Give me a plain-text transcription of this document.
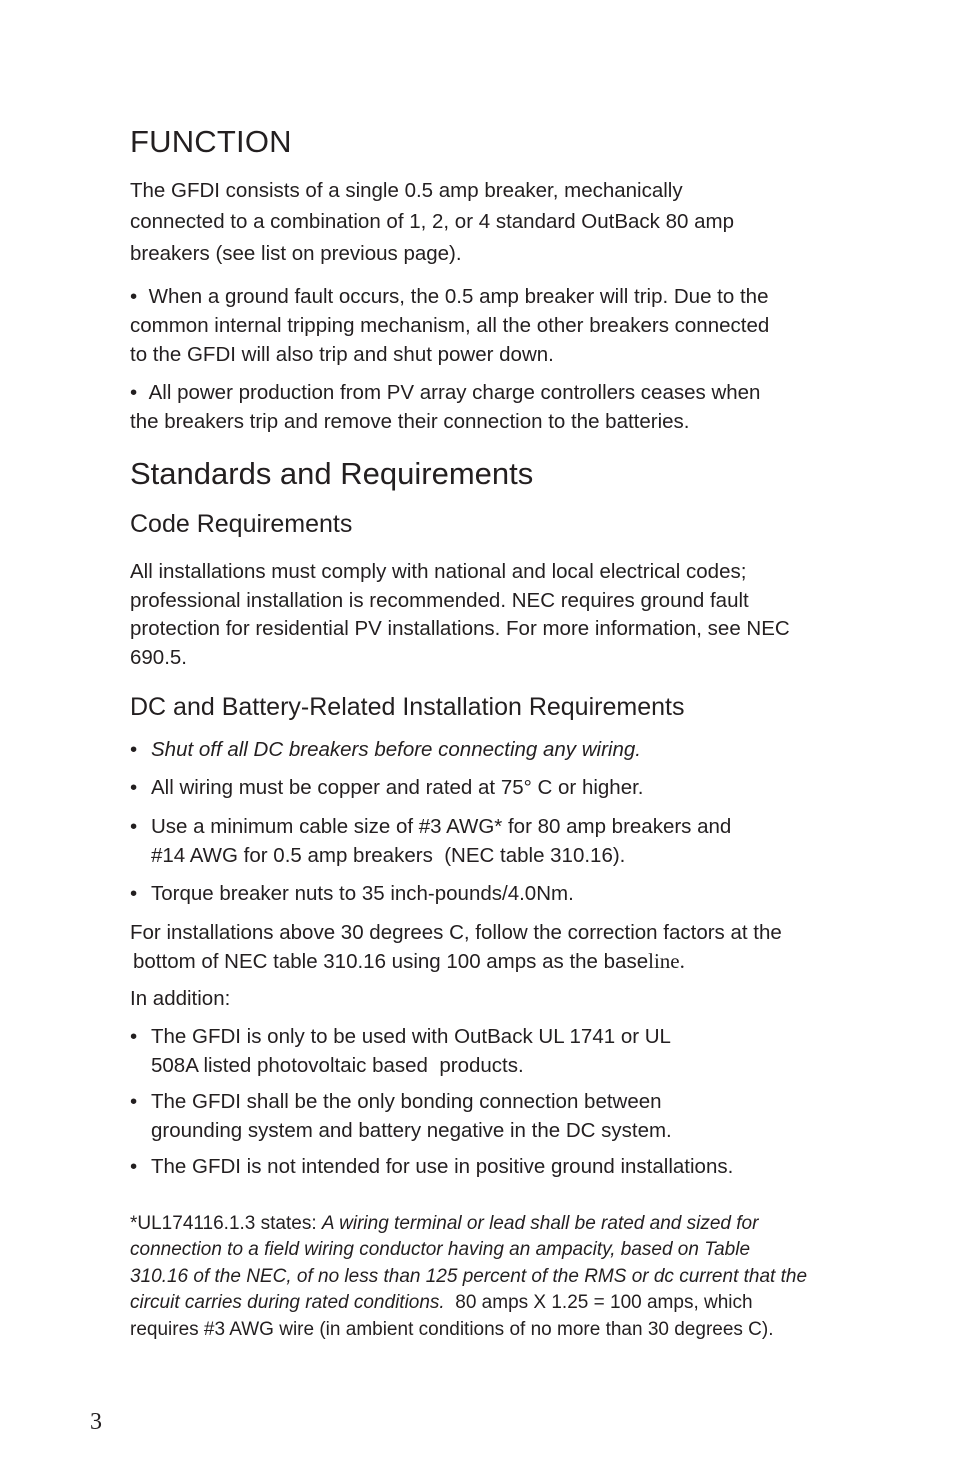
FUNCTION
The GFDI consists of a single 0.5 amp breaker, mechanically
connected to a combination of 1, 2, or 4 standard OutBack 80 amp
breakers (see list on previous page).
• When a ground fault occurs, the 0.5 amp breaker will trip. Due to the
common internal tripping mechanism, all the other breakers connected
to the GFDI will also trip and shut power down.
• All power production from PV array charge controllers ceases when
the breakers trip and remove their connection to the batteries.
Standards and Requirements
Code Requirements
All installations must comply with national and local electrical codes;
professional installation is recommended. NEC requires ground fault
protection for residential PV installations. For more information, see NEC
690.5.
DC and Battery-Related Installation Requirements
• Shut off all DC breakers before connecting any wiring.
• All wiring must be copper and rated at 75° C or higher.
• Use a minimum cable size of #3 AWG* for 80 amp breakers and
#14 AWG for 0.5 amp breakers  (NEC table 310.16).
• Torque breaker nuts to 35 inch-pounds/4.0Nm.
For installations above 30 degrees C, follow the correction factors at the
bottom of NEC table 310.16 using 100 amps as the baseline.
In addition:
• The GFDI is only to be used with OutBack UL 1741 or UL
508A listed photovoltaic based  products.
• The GFDI shall be the only bonding connection between
grounding system and battery negative in the DC system.
• The GFDI is not intended for use in positive ground installations.
*UL174116.1.3 states: A wiring terminal or lead shall be rated and sized for
connection to a field wiring conductor having an ampacity, based on Table
310.16 of the NEC, of no less than 125 percent of the RMS or dc current that the
circuit carries during rated conditions.  80 amps X 1.25 = 100 amps, which
requires #3 AWG wire (in ambient conditions of no more than 30 degrees C).
3
